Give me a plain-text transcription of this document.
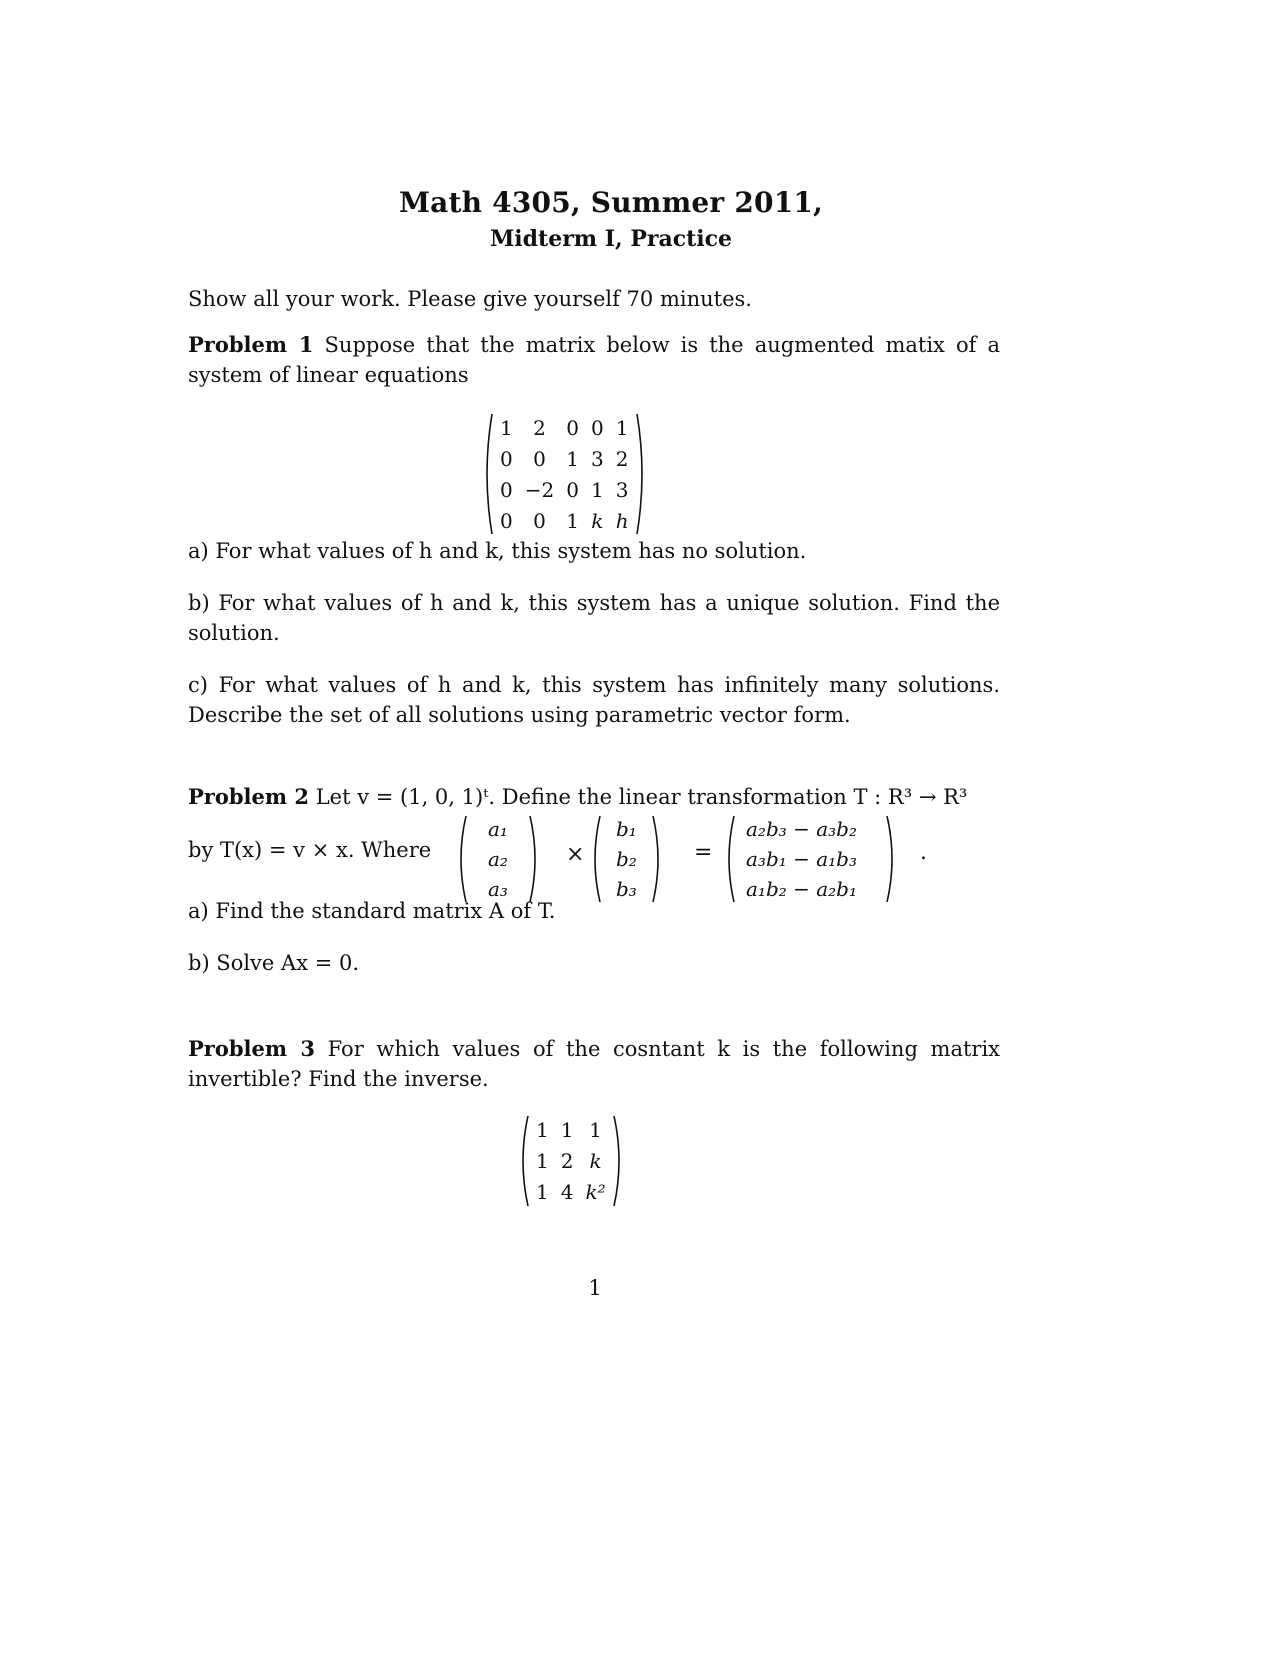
Math 4305, Summer 2011,
Midterm I, Practice
Show all your work. Please give yourself 70 minutes.
Problem 1 Suppose that the matrix below is the augmented matix of a system of linear equations
1	2	0	0	1
0	0	1	3	2
0	−2	0	1	3
0	0	1	k	h
a) For what values of h and k, this system has no solution.
b) For what values of h and k, this system has a unique solution. Find the solution.
c) For what values of h and k, this system has infinitely many solutions. Describe the set of all solutions using parametric vector form.
Problem 2 Let v = (1, 0, 1)ᵗ. Define the linear transformation T : R³ → R³
by T(x) = v × x. Where
a₁
a₂
a₃
×
b₁
b₂
b₃
=
a₂b₃ − a₃b₂
a₃b₁ − a₁b₃
a₁b₂ − a₂b₁
.
a) Find the standard matrix A of T.
b) Solve Ax = 0.
Problem 3 For which values of the cosntant k is the following matrix invertible? Find the inverse.
1	1	1
1	2	k
1	4	k²
1
